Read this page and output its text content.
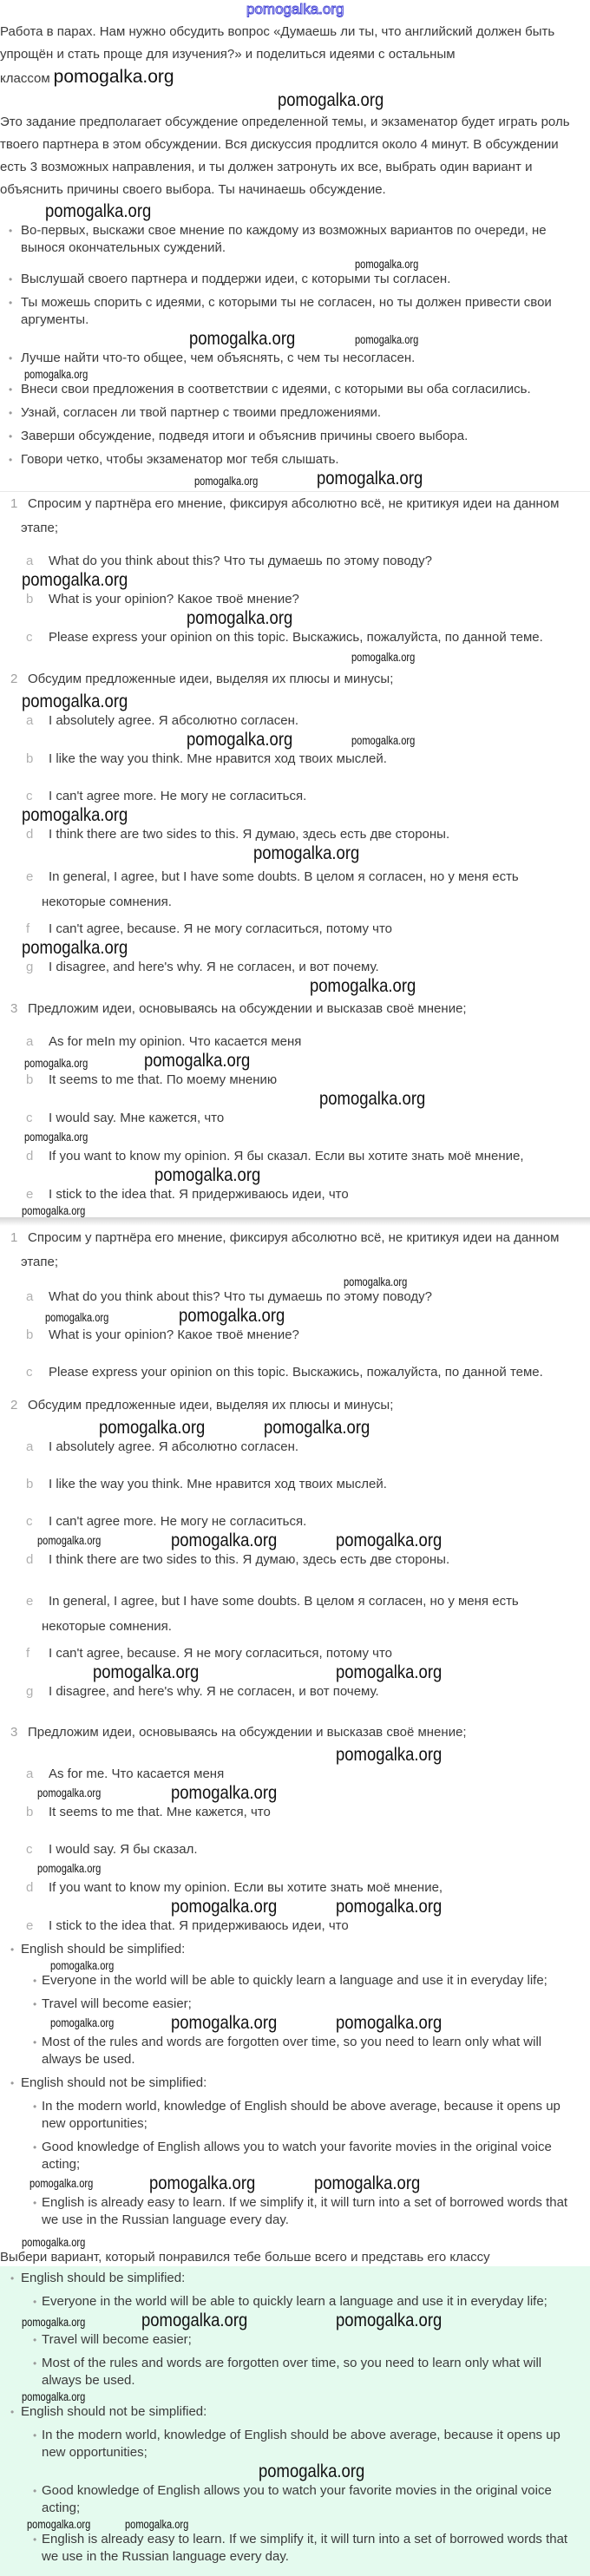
pomogalka.org
Работа в парах. Нам нужно обсудить вопрос «Думаешь ли ты, что английский должен быть упрощён и стать проще для изучения?» и поделиться идеями с остальным классом pomogalka.org
pomogalka.org
Это задание предполагает обсуждение определенной темы, и экзаменатор будет играть роль твоего партнера в этом обсуждении. Вся дискуссия продлится около 4 минут. В обсуждении есть 3 возможных направления, и ты должен затронуть их все, выбрать один вариант и объяснить причины своего выбора. Ты начинаешь обсуждение.
pomogalka.org
• Во-первых, выскажи свое мнение по каждому из возможных вариантов по очереди, не вынося окончательных суждений.
pomogalka.org
• Выслушай своего партнера и поддержи идеи, с которыми ты согласен.
• Ты можешь спорить с идеями, с которыми ты не согласен, но ты должен привести свои аргументы.
pomogalka.org	pomogalka.org
• Лучше найти что-то общее, чем объяснять, с чем ты несогласен.
pomogalka.org
• Внеси свои предложения в соответствии с идеями, с которыми вы оба согласились.
• Узнай, согласен ли твой партнер с твоими предложениями.
• Заверши обсуждение, подведя итоги и объяснив причины своего выбора.
• Говори четко, чтобы экзаменатор мог тебя слышать.
pomogalka.org	pomogalka.org
1 Спросим у партнёра его мнение, фиксируя абсолютно всё, не критикуя идеи на данном этапе;
a What do you think about this? Что ты думаешь по этому поводу?
pomogalka.org
b What is your opinion? Какое твоё мнение?
pomogalka.org
c Please express your opinion on this topic. Выскажись, пожалуйста, по данной теме.
pomogalka.org
2 Обсудим предложенные идеи, выделяя их плюсы и минусы;
pomogalka.org
a I absolutely agree. Я абсолютно согласен.
pomogalka.org	pomogalka.org
b I like the way you think. Мне нравится ход твоих мыслей.
c I can't agree more. Не могу не согласиться.
pomogalka.org
d I think there are two sides to this. Я думаю, здесь есть две стороны.
pomogalka.org
e In general, I agree, but I have some doubts. В целом я согласен, но у меня есть некоторые сомнения.
f I can't agree, because. Я не могу согласиться, потому что
pomogalka.org
g I disagree, and here's why. Я не согласен, и вот почему.
pomogalka.org
3 Предложим идеи, основываясь на обсуждении и высказав своё мнение;
a As for meIn my opinion. Что касается меня
pomogalka.org	pomogalka.org
b It seems to me that. По моему мнению
pomogalka.org
c I would say. Мне кажется, что
pomogalka.org
d If you want to know my opinion. Я бы сказал. Если вы хотите знать моё мнение,
pomogalka.org
e I stick to the idea that. Я придерживаюсь идеи, что
pomogalka.org
1 Спросим у партнёра его мнение, фиксируя абсолютно всё, не критикуя идеи на данном этапе;
pomogalka.org
a What do you think about this? Что ты думаешь по этому поводу?
pomogalka.org	pomogalka.org
b What is your opinion? Какое твоё мнение?
c Please express your opinion on this topic. Выскажись, пожалуйста, по данной теме.
2 Обсудим предложенные идеи, выделяя их плюсы и минусы;
pomogalka.org	pomogalka.org
a I absolutely agree. Я абсолютно согласен.
b I like the way you think. Мне нравится ход твоих мыслей.
c I can't agree more. Не могу не согласиться.
pomogalka.org	pomogalka.org	pomogalka.org
d I think there are two sides to this. Я думаю, здесь есть две стороны.
e In general, I agree, but I have some doubts. В целом я согласен, но у меня есть некоторые сомнения.
f I can't agree, because. Я не могу согласиться, потому что
pomogalka.org	pomogalka.org
g I disagree, and here's why. Я не согласен, и вот почему.
3 Предложим идеи, основываясь на обсуждении и высказав своё мнение;
pomogalka.org
a As for me. Что касается меня
pomogalka.org	pomogalka.org
b It seems to me that. Мне кажется, что
c I would say. Я бы сказал.
pomogalka.org
d If you want to know my opinion. Если вы хотите знать моё мнение,
pomogalka.org	pomogalka.org
e I stick to the idea that. Я придерживаюсь идеи, что
• English should be simplified:
pomogalka.org
• Everyone in the world will be able to quickly learn a language and use it in everyday life;
• Travel will become easier;
pomogalka.org	pomogalka.org	pomogalka.org
• Most of the rules and words are forgotten over time, so you need to learn only what will always be used.
• English should not be simplified:
• In the modern world, knowledge of English should be above average, because it opens up new opportunities;
• Good knowledge of English allows you to watch your favorite movies in the original voice acting;
pomogalka.org	pomogalka.org	pomogalka.org
• English is already easy to learn. If we simplify it, it will turn into a set of borrowed words that we use in the Russian language every day.
pomogalka.org
Выбери вариант, который понравился тебе больше всего и представь его классу
• English should be simplified:
• Everyone in the world will be able to quickly learn a language and use it in everyday life;
pomogalka.org	pomogalka.org	pomogalka.org
• Travel will become easier;
• Most of the rules and words are forgotten over time, so you need to learn only what will always be used.
pomogalka.org
• English should not be simplified:
• In the modern world, knowledge of English should be above average, because it opens up new opportunities;
pomogalka.org
• Good knowledge of English allows you to watch your favorite movies in the original voice acting;
pomogalka.org	pomogalka.org
• English is already easy to learn. If we simplify it, it will turn into a set of borrowed words that we use in the Russian language every day.
